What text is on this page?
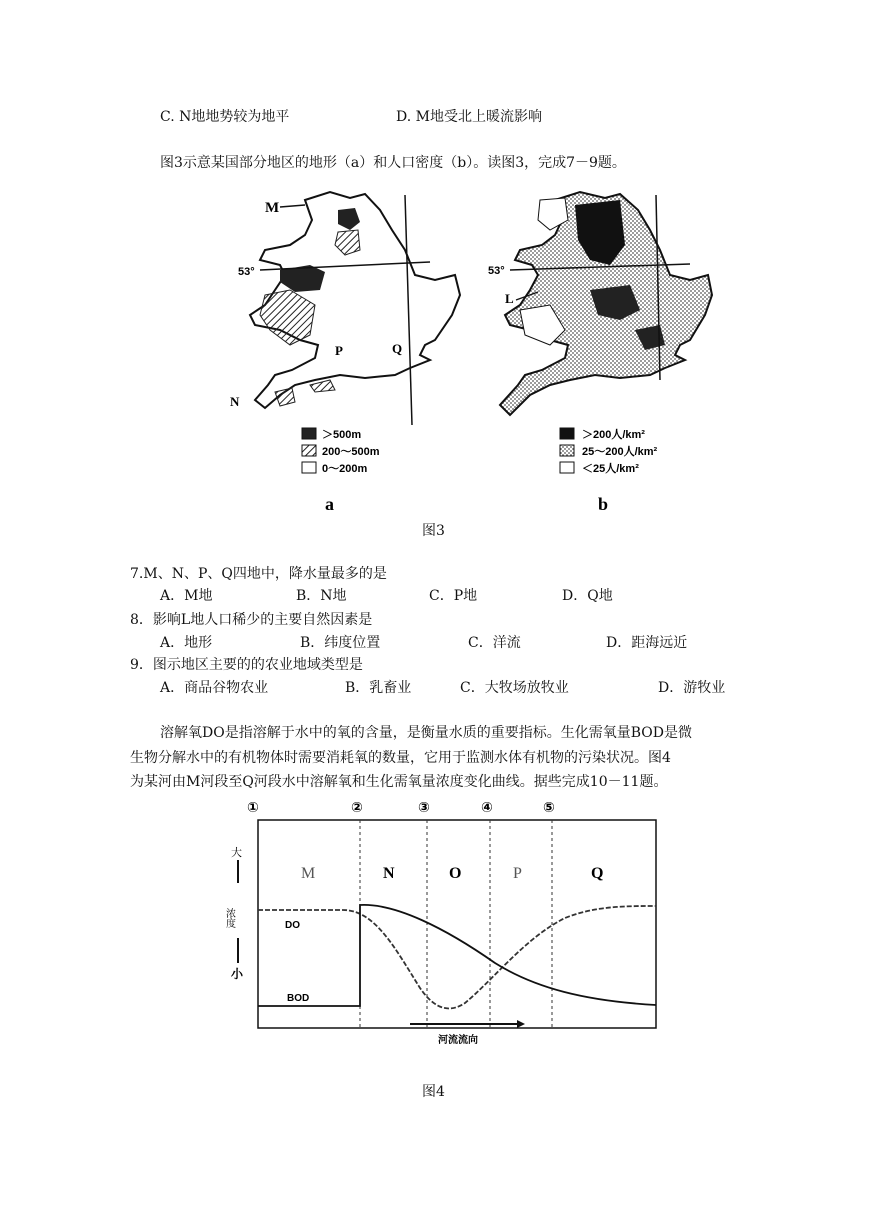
C. N地地势较为地平	D. M地受北上暖流影响
图3示意某国部分地区的地形（a）和人口密度（b）。读图3，完成7－9题。
M
53°
P	Q
N
＞500m
200～500m
0～200m
a
53°
L
＞200人/km²
25～200人/km²
＜25人/km²
b
图3
7.M、N、P、Q四地中，降水量最多的是
A．M地	B．N地	C．P地	D．Q地
8．影响L地人口稀少的主要自然因素是
A．地形	B．纬度位置	C．洋流	D．距海远近
9．图示地区主要的的农业地域类型是
A．商品谷物农业	B．乳畜业	C．大牧场放牧业	D．游牧业
溶解氧DO是指溶解于水中的氧的含量，是衡量水质的重要指标。生化需氧量BOD是微
生物分解水中的有机物体时需要消耗氧的数量，它用于监测水体有机物的污染状况。图4
为某河由M河段至Q河段水中溶解氧和生化需氧量浓度变化曲线。据些完成10－11题。
①	②	③	④	⑤
M	N	O	P	Q
大
浓度
小
DO
BOD
河流流向
图4
